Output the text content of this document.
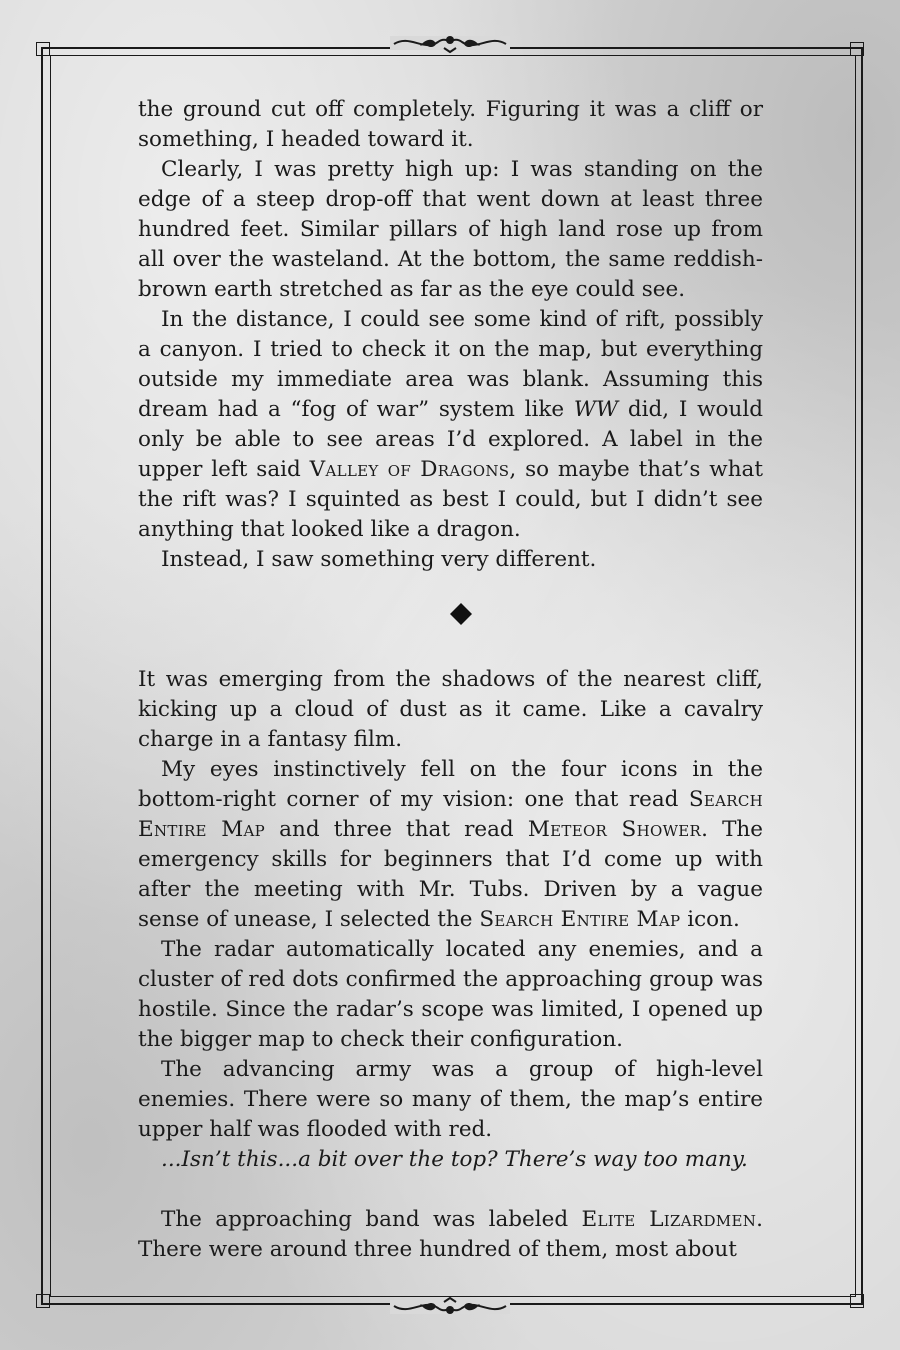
the ground cut off completely. Figuring it was a cliff or something, I headed toward it.

Clearly, I was pretty high up: I was standing on the edge of a steep drop-off that went down at least three hundred feet. Similar pillars of high land rose up from all over the wasteland. At the bottom, the same reddish-brown earth stretched as far as the eye could see.

In the distance, I could see some kind of rift, possibly a canyon. I tried to check it on the map, but everything outside my immediate area was blank. Assuming this dream had a “fog of war” system like WW did, I would only be able to see areas I’d explored. A label in the upper left said Valley of Dragons, so maybe that’s what the rift was? I squinted as best I could, but I didn’t see anything that looked like a dragon.

Instead, I saw something very different.

It was emerging from the shadows of the nearest cliff, kicking up a cloud of dust as it came. Like a cavalry charge in a fantasy film.

My eyes instinctively fell on the four icons in the bottom-right corner of my vision: one that read Search Entire Map and three that read Meteor Shower. The emergency skills for beginners that I’d come up with after the meeting with Mr. Tubs. Driven by a vague sense of unease, I selected the Search Entire Map icon.

The radar automatically located any enemies, and a cluster of red dots confirmed the approaching group was hostile. Since the radar’s scope was limited, I opened up the bigger map to check their configuration.

The advancing army was a group of high-level enemies. There were so many of them, the map’s entire upper half was flooded with red.

...Isn’t this...a bit over the top? There’s way too many.

The approaching band was labeled Elite Lizardmen. There were around three hundred of them, most about
